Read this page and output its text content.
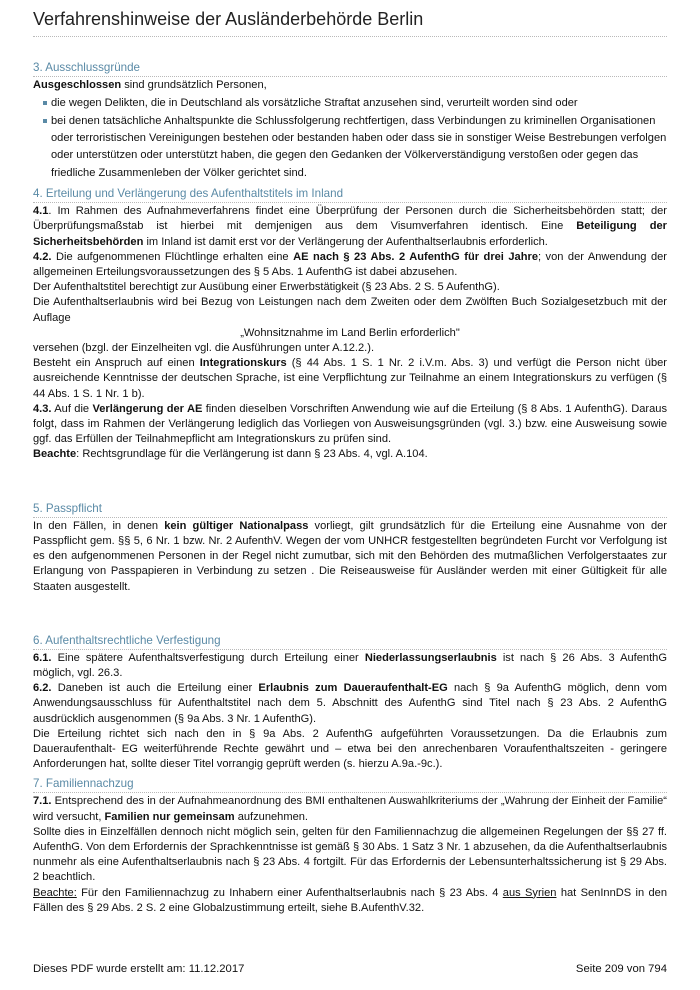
Verfahrenshinweise der Ausländerbehörde Berlin
3. Ausschlussgründe

Ausgeschlossen sind grundsätzlich Personen,

die wegen Delikten, die in Deutschland als vorsätzliche Straftat anzusehen sind, verurteilt worden sind oder
bei denen tatsächliche Anhaltspunkte die Schlussfolgerung rechtfertigen, dass Verbindungen zu kriminellen Organisationen oder terroristischen Vereinigungen bestehen oder bestanden haben oder dass sie in sonstiger Weise Bestrebungen verfolgen oder unterstützen oder unterstützt haben, die gegen den Gedanken der Völkerverständigung verstoßen oder gegen das friedliche Zusammenleben der Völker gerichtet sind.
4. Erteilung und Verlängerung des Aufenthaltstitels im Inland

4.1. Im Rahmen des Aufnahmeverfahrens findet eine Überprüfung der Personen durch die Sicherheitsbehörden statt; der Überprüfungsmaßstab ist hierbei mit demjenigen aus dem Visumverfahren identisch. Eine Beteiligung der Sicherheitsbehörden im Inland ist damit erst vor der Verlängerung der Aufenthaltserlaubnis erforderlich.

4.2. Die aufgenommenen Flüchtlinge erhalten eine AE nach § 23 Abs. 2 AufenthG für drei Jahre; von der Anwendung der allgemeinen Erteilungsvoraussetzungen des § 5 Abs. 1 AufenthG ist dabei abzusehen.

Der Aufenthaltstitel berechtigt zur Ausübung einer Erwerbstätigkeit (§ 23 Abs. 2 S. 5 AufenthG).

Die Aufenthaltserlaubnis wird bei Bezug von Leistungen nach dem Zweiten oder dem Zwölften Buch Sozialgesetzbuch mit der Auflage

„Wohnsitznahme im Land Berlin erforderlich"

versehen (bzgl. der Einzelheiten vgl. die Ausführungen unter A.12.2.).

Besteht ein Anspruch auf einen Integrationskurs (§ 44 Abs. 1 S. 1 Nr. 2 i.V.m. Abs. 3) und verfügt die Person nicht über ausreichende Kenntnisse der deutschen Sprache, ist eine Verpflichtung zur Teilnahme an einem Integrationskurs zu verfügen (§ 44 Abs. 1 S. 1 Nr. 1 b).

4.3. Auf die Verlängerung der AE finden dieselben Vorschriften Anwendung wie auf die Erteilung (§ 8 Abs. 1 AufenthG). Daraus folgt, dass im Rahmen der Verlängerung lediglich das Vorliegen von Ausweisungsgründen (vgl. 3.) bzw. eine Ausweisung sowie ggf. das Erfüllen der Teilnahmepflicht am Integrationskurs zu prüfen sind.

Beachte: Rechtsgrundlage für die Verlängerung ist dann § 23 Abs. 4, vgl. A.104.

5. Passpflicht

In den Fällen, in denen kein gültiger Nationalpass vorliegt, gilt grundsätzlich für die Erteilung eine Ausnahme von der Passpflicht gem. §§ 5, 6 Nr. 1 bzw. Nr. 2 AufenthV. Wegen der vom UNHCR festgestellten begründeten Furcht vor Verfolgung ist es den aufgenommenen Personen in der Regel nicht zumutbar, sich mit den Behörden des mutmaßlichen Verfolgerstaates zur Erlangung von Passpapieren in Verbindung zu setzen . Die Reiseausweise für Ausländer werden mit einer Gültigkeit für alle Staaten ausgestellt.

6. Aufenthaltsrechtliche Verfestigung

6.1. Eine spätere Aufenthaltsverfestigung durch Erteilung einer Niederlassungserlaubnis ist nach § 26 Abs. 3 AufenthG möglich, vgl. 26.3.

6.2. Daneben ist auch die Erteilung einer Erlaubnis zum Daueraufenthalt-EG nach § 9a AufenthG möglich, denn vom Anwendungsausschluss für Aufenthaltstitel nach dem 5. Abschnitt des AufenthG sind Titel nach § 23 Abs. 2 AufenthG ausdrücklich ausgenommen (§ 9a Abs. 3 Nr. 1 AufenthG).

Die Erteilung richtet sich nach den in § 9a Abs. 2 AufenthG aufgeführten Voraussetzungen. Da die Erlaubnis zum Daueraufenthalt- EG weiterführende Rechte gewährt und – etwa bei den anrechenbaren Voraufenthaltszeiten - geringere Anforderungen hat, sollte dieser Titel vorrangig geprüft werden (s. hierzu A.9a.-9c.).

7. Familiennachzug

7.1. Entsprechend des in der Aufnahmeanordnung des BMI enthaltenen Auswahlkriteriums der „Wahrung der Einheit der Familie“ wird versucht, Familien nur gemeinsam aufzunehmen.

Sollte dies in Einzelfällen dennoch nicht möglich sein, gelten für den Familiennachzug die allgemeinen Regelungen der §§ 27 ff. AufenthG. Von dem Erfordernis der Sprachkenntnisse ist gemäß § 30 Abs. 1 Satz 3 Nr. 1 abzusehen, da die Aufenthaltserlaubnis nunmehr als eine Aufenthaltserlaubnis nach § 23 Abs. 4 fortgilt. Für das Erfordernis der Lebensunterhaltssicherung ist § 29 Abs. 2 beachtlich.

Beachte: Für den Familiennachzug zu Inhabern einer Aufenthaltserlaubnis nach § 23 Abs. 4 aus Syrien hat SenInnDS in den Fällen des § 29 Abs. 2 S. 2 eine Globalzustimmung erteilt, siehe B.AufenthV.32.

Dieses PDF wurde erstellt am: 11.12.2017	Seite 209 von 794
